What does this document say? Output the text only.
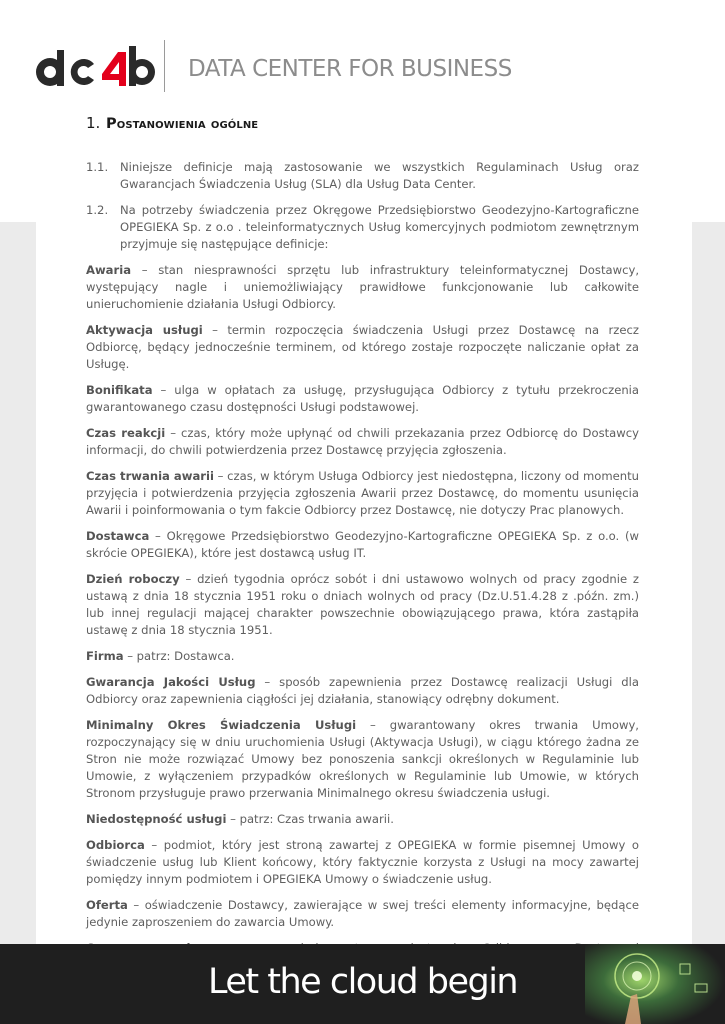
DATA CENTER FOR BUSINESS
1. Postanowienia ogólne
1.1.	Niniejsze definicje mają zastosowanie we wszystkich Regulaminach Usług oraz Gwarancjach Świadczenia Usług (SLA) dla Usług Data Center.
1.2.	Na potrzeby świadczenia przez Okręgowe Przedsiębiorstwo Geodezyjno-Kartograficzne OPEGIEKA Sp. z o.o . teleinformatycznych Usług komercyjnych podmiotom zewnętrznym przyjmuje się następujące definicje:

Awaria – stan niesprawności sprzętu lub infrastruktury teleinformatycznej Dostawcy, występujący nagle i uniemożliwiający prawidłowe funkcjonowanie lub całkowite unieruchomienie działania Usługi Odbiorcy.

Aktywacja usługi – termin rozpoczęcia świadczenia Usługi przez Dostawcę na rzecz Odbiorcę, będący jednocześnie terminem, od którego zostaje rozpoczęte naliczanie opłat za Usługę.

Bonifikata – ulga w opłatach za usługę, przysługująca Odbiorcy z tytułu przekroczenia gwarantowanego czasu dostępności Usługi podstawowej.

Czas reakcji – czas, który może upłynąć od chwili przekazania przez Odbiorcę do Dostawcy informacji, do chwili potwierdzenia przez Dostawcę przyjęcia zgłoszenia.

Czas trwania awarii – czas, w którym Usługa Odbiorcy jest niedostępna, liczony od momentu przyjęcia i potwierdzenia przyjęcia zgłoszenia Awarii przez Dostawcę, do momentu usunięcia Awarii i poinformowania o tym fakcie Odbiorcy przez Dostawcę, nie dotyczy Prac planowych.

Dostawca – Okręgowe Przedsiębiorstwo Geodezyjno-Kartograficzne OPEGIEKA Sp. z o.o. (w skrócie OPEGIEKA), które jest dostawcą usług IT.

Dzień roboczy – dzień tygodnia oprócz sobót i dni ustawowo wolnych od pracy zgodnie z ustawą z dnia 18 stycznia 1951 roku o dniach wolnych od pracy (Dz.U.51.4.28 z .późn. zm.) lub innej regulacji mającej charakter powszechnie obowiązującego prawa, która zastąpiła ustawę z dnia 18 stycznia 1951.

Firma – patrz: Dostawca.

Gwarancja Jakości Usług – sposób zapewnienia przez Dostawcę realizacji Usługi dla Odbiorcy oraz zapewnienia ciągłości jej działania, stanowiący odrębny dokument.

Minimalny Okres Świadczenia Usługi – gwarantowany okres trwania Umowy, rozpoczynający się w dniu uruchomienia Usługi (Aktywacja Usługi), w ciągu którego żadna ze Stron nie może rozwiązać Umowy bez ponoszenia sankcji określonych w Regulaminie lub Umowie, z wyłączeniem przypadków określonych w Regulaminie lub Umowie, w których Stronom przysługuje prawo przerwania Minimalnego okresu świadczenia usługi.

Niedostępność usługi – patrz: Czas trwania awarii.

Odbiorca – podmiot, który jest stroną zawartej z OPEGIEKA w formie pisemnej Umowy o świadczenie usług lub Klient końcowy, który faktycznie korzysta z Usługi na mocy zawartej pomiędzy innym podmiotem i OPEGIEKA Umowy o świadczenie usług.

Oferta – oświadczenie Dostawcy, zawierające w swej treści elementy informacyjne, będące jedynie zaproszeniem do zawarcia Umowy.

Let the cloud begin
